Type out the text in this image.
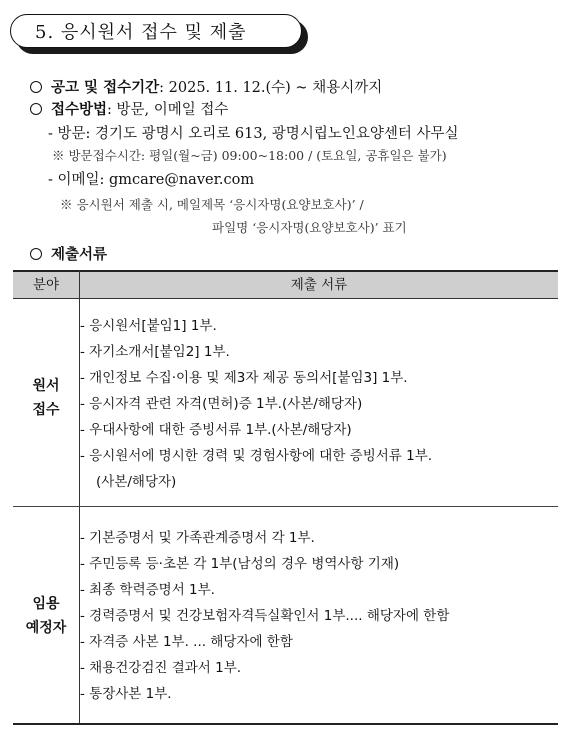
5. 응시원서 접수 및 제출
공고 및 접수기간: 2025. 11. 12.(수) ~ 채용시까지
접수방법: 방문, 이메일 접수
- 방문: 경기도 광명시 오리로 613, 광명시립노인요양센터 사무실
※ 방문접수시간: 평일(월~금) 09:00~18:00 / (토요일, 공휴일은 불가)
- 이메일: gmcare@naver.com
※ 응시원서 제출 시, 메일제목 ‘응시자명(요양보호사)’ /
파일명 ‘응시자명(요양보호사)’ 표기
제출서류
분야	제출 서류
원서
접수
- 응시원서[붙임1] 1부.
- 자기소개서[붙임2] 1부.
- 개인정보 수집·이용 및 제3자 제공 동의서[붙임3] 1부.
- 응시자격 관련 자격(면허)증 1부.(사본/해당자)
- 우대사항에 대한 증빙서류 1부.(사본/해당자)
- 응시원서에 명시한 경력 및 경험사항에 대한 증빙서류 1부.
(사본/해당자)
임용
예정자
- 기본증명서 및 가족관계증명서 각 1부.
- 주민등록 등·초본 각 1부(남성의 경우 병역사항 기재)
- 최종 학력증명서 1부.
- 경력증명서 및 건강보험자격득실확인서 1부.... 해당자에 한함
- 자격증 사본 1부. ... 해당자에 한함
- 채용건강검진 결과서 1부.
- 통장사본 1부.
